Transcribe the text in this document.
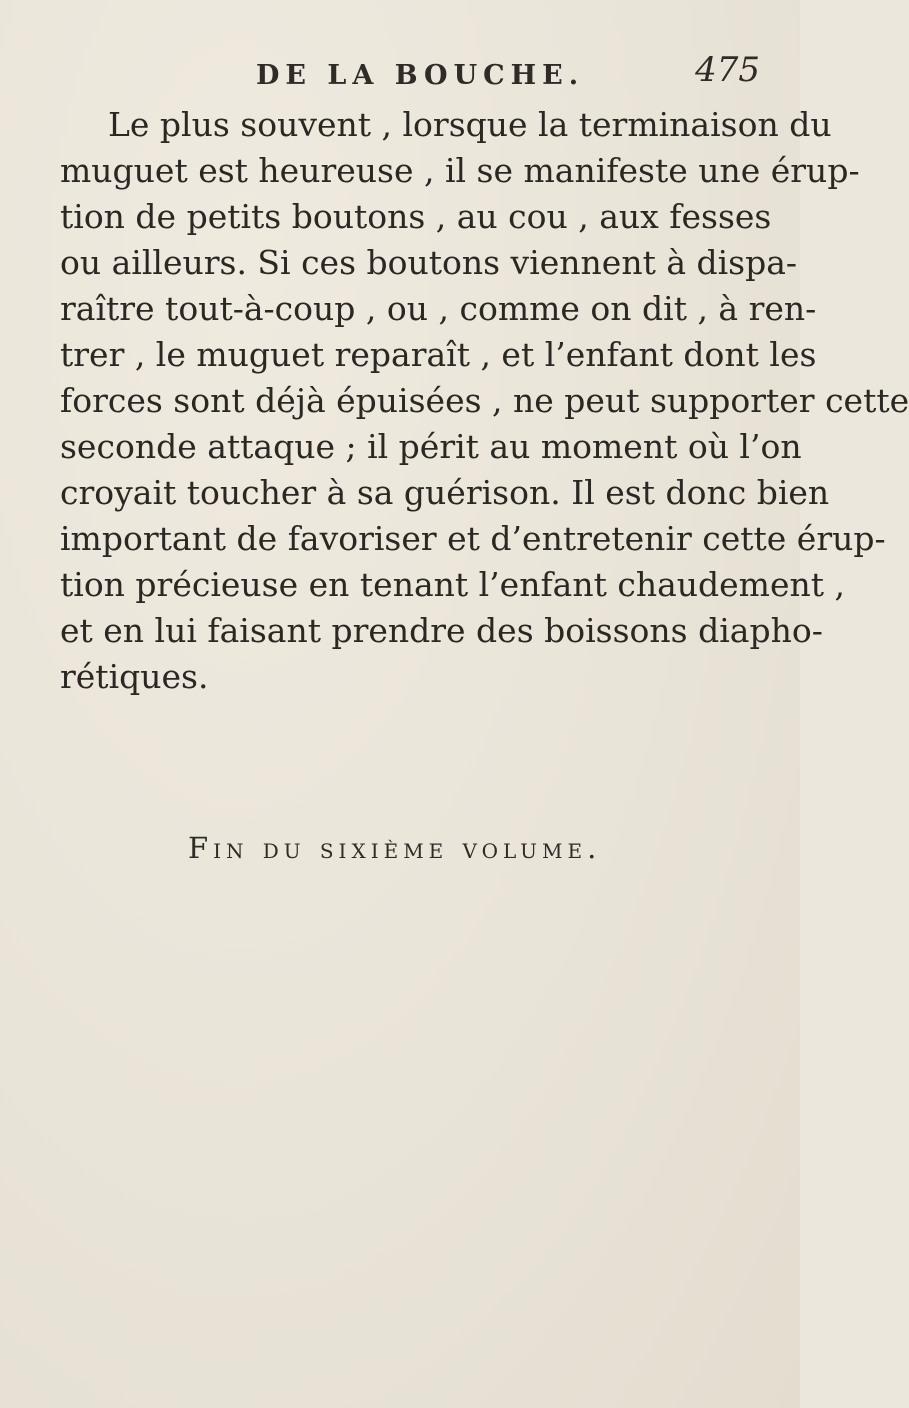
DE LA BOUCHE.	475
Le plus souvent , lorsque la terminaison du
muguet est heureuse , il se manifeste une érup-
tion de petits boutons , au cou , aux fesses
ou ailleurs. Si ces boutons viennent à dispa-
raître tout-à-coup , ou , comme on dit , à ren-
trer , le muguet reparaît , et l’enfant dont les
forces sont déjà épuisées , ne peut supporter cette
seconde attaque ; il périt au moment où l’on
croyait toucher à sa guérison. Il est donc bien
important de favoriser et d’entretenir cette érup-
tion précieuse en tenant l’enfant chaudement ,
et en lui faisant prendre des boissons diapho-
rétiques.
Fin du sixième volume.
